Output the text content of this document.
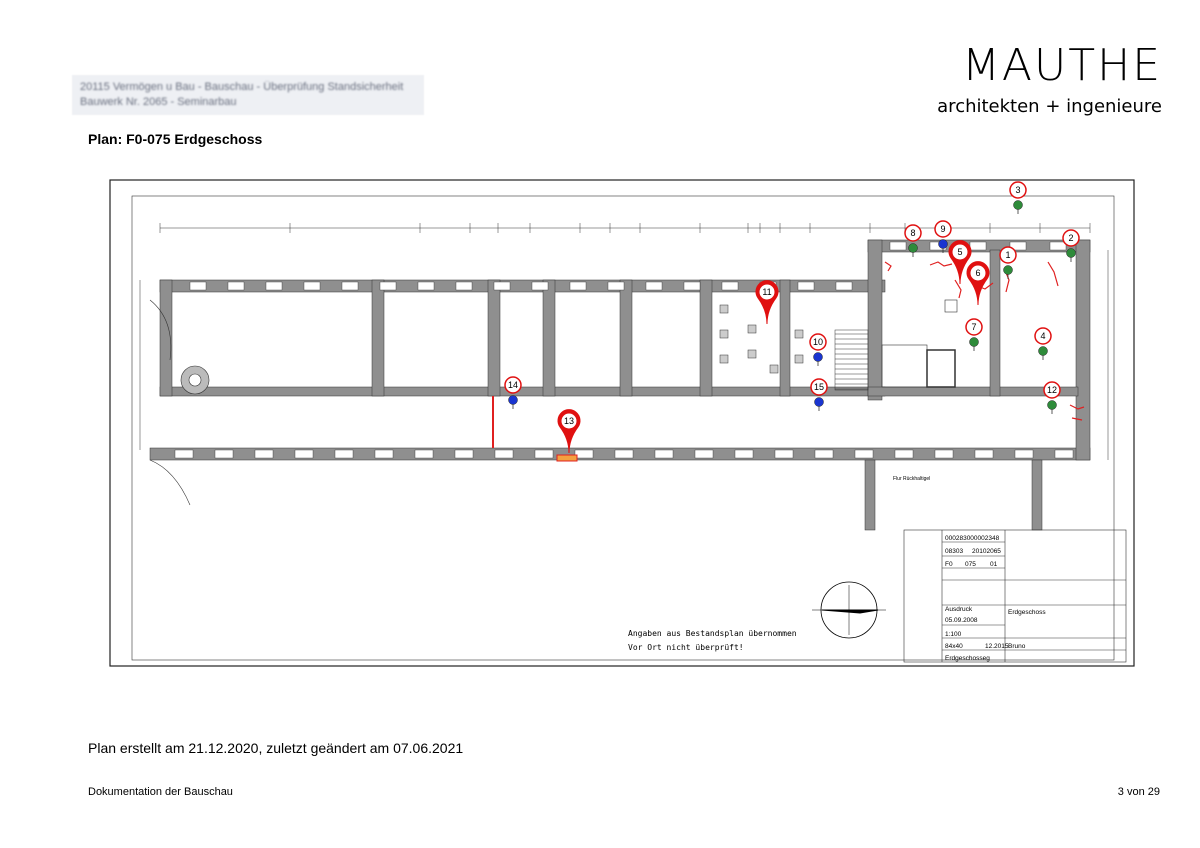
20115 Vermögen u Bau - Bauschau - Überprüfung Standsicherheit
Bauwerk Nr. 2065 - Seminarbau
MAUTHE
architekten + ingenieure
Plan: F0-075 Erdgeschoss
Flur Rückhaltigel
Angaben aus Bestandsplan übernommen
Vor Ort nicht überprüft!
000283000002348
08303 20102065
F0 075 01
Erdgeschoss
Ausdruck
05.09.2008
1:100
84x40	12.2015 Bruno
Erdgeschosseg
1
2
3
4
5
6
7
8	9
10
11
12
13
14	15
Plan erstellt am 21.12.2020, zuletzt geändert am 07.06.2021
Dokumentation der Bauschau	3 von 29
